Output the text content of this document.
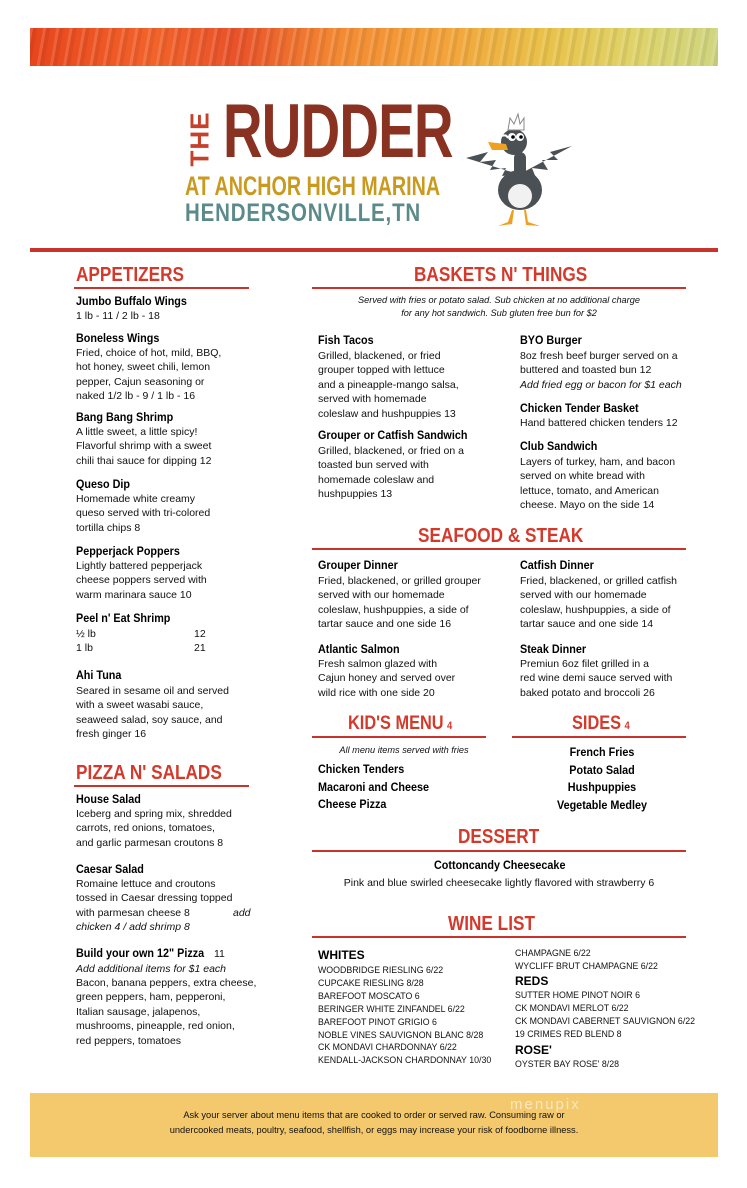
THE RUDDER
AT ANCHOR HIGH MARINA
HENDERSONVILLE,TN
APPETIZERS
Jumbo Buffalo Wings
1 lb - 11 / 2 lb - 18
Boneless Wings
Fried, choice of hot, mild, BBQ,
hot honey, sweet chili, lemon
pepper, Cajun seasoning or
naked 1/2 lb - 9 / 1 lb - 16
Bang Bang Shrimp
A little sweet, a little spicy!
Flavorful shrimp with a sweet
chili thai sauce for dipping 12
Queso Dip
Homemade white creamy
queso served with tri-colored
tortilla chips 8
Pepperjack Poppers
Lightly battered pepperjack
cheese poppers served with
warm marinara sauce 10
Peel n' Eat Shrimp
½ lb	12
1 lb	21
Ahi Tuna
Seared in sesame oil and served
with a sweet wasabi sauce,
seaweed salad, soy sauce, and
fresh ginger 16
PIZZA N' SALADS
House Salad
Iceberg and spring mix, shredded
carrots, red onions, tomatoes,
and garlic parmesan croutons 8
Caesar Salad
Romaine lettuce and croutons
tossed in Caesar dressing topped
with parmesan cheese 8	add
chicken 4 / add shrimp 8
Build your own 12" Pizza 11
Add additional items for $1 each
Bacon, banana peppers, extra cheese,
green peppers, ham, pepperoni,
Italian sausage, jalapenos,
mushrooms, pineapple, red onion,
red peppers, tomatoes
BASKETS N' THINGS
Served with fries or potato salad. Sub chicken at no additional charge
for any hot sandwich. Sub gluten free bun for $2
Fish Tacos
Grilled, blackened, or fried
grouper topped with lettuce
and a pineapple-mango salsa,
served with homemade
coleslaw and hushpuppies 13
Grouper or Catfish Sandwich
Grilled, blackened, or fried on a
toasted bun served with
homemade coleslaw and
hushpuppies 13
BYO Burger
8oz fresh beef burger served on a
buttered and toasted bun 12
Add fried egg or bacon for $1 each
Chicken Tender Basket
Hand battered chicken tenders 12
Club Sandwich
Layers of turkey, ham, and bacon
served on white bread with
lettuce, tomato, and American
cheese. Mayo on the side 14
SEAFOOD & STEAK
Grouper Dinner
Fried, blackened, or grilled grouper
served with our homemade
coleslaw, hushpuppies, a side of
tartar sauce and one side 16
Catfish Dinner
Fried, blackened, or grilled catfish
served with our homemade
coleslaw, hushpuppies, a side of
tartar sauce and one side 14
Atlantic Salmon
Fresh salmon glazed with
Cajun honey and served over
wild rice with one side 20
Steak Dinner
Premiun 6oz filet grilled in a
red wine demi sauce served with
baked potato and broccoli 26
KID'S MENU 4
All menu items served with fries
Chicken Tenders
Macaroni and Cheese
Cheese Pizza
SIDES 4
French Fries
Potato Salad
Hushpuppies
Vegetable Medley
DESSERT
Cottoncandy Cheesecake
Pink and blue swirled cheesecake lightly flavored with strawberry 6
WINE LIST
WHITES
WOODBRIDGE RIESLING 6/22
CUPCAKE RIESLING 8/28
BAREFOOT MOSCATO 6
BERINGER WHITE ZINFANDEL 6/22
BAREFOOT PINOT GRIGIO 6
NOBLE VINES SAUVIGNON BLANC 8/28
CK MONDAVI CHARDONNAY 6/22
KENDALL-JACKSON CHARDONNAY 10/30
CHAMPAGNE 6/22
WYCLIFF BRUT CHAMPAGNE 6/22
REDS
SUTTER HOME PINOT NOIR 6
CK MONDAVI MERLOT 6/22
CK MONDAVI CABERNET SAUVIGNON 6/22
19 CRIMES RED BLEND 8
ROSE'
OYSTER BAY ROSE' 8/28

Ask your server about menu items that are cooked to order or served raw. Consuming raw or
undercooked meats, poultry, seafood, shellfish, or eggs may increase your risk of foodborne illness.

menupix
